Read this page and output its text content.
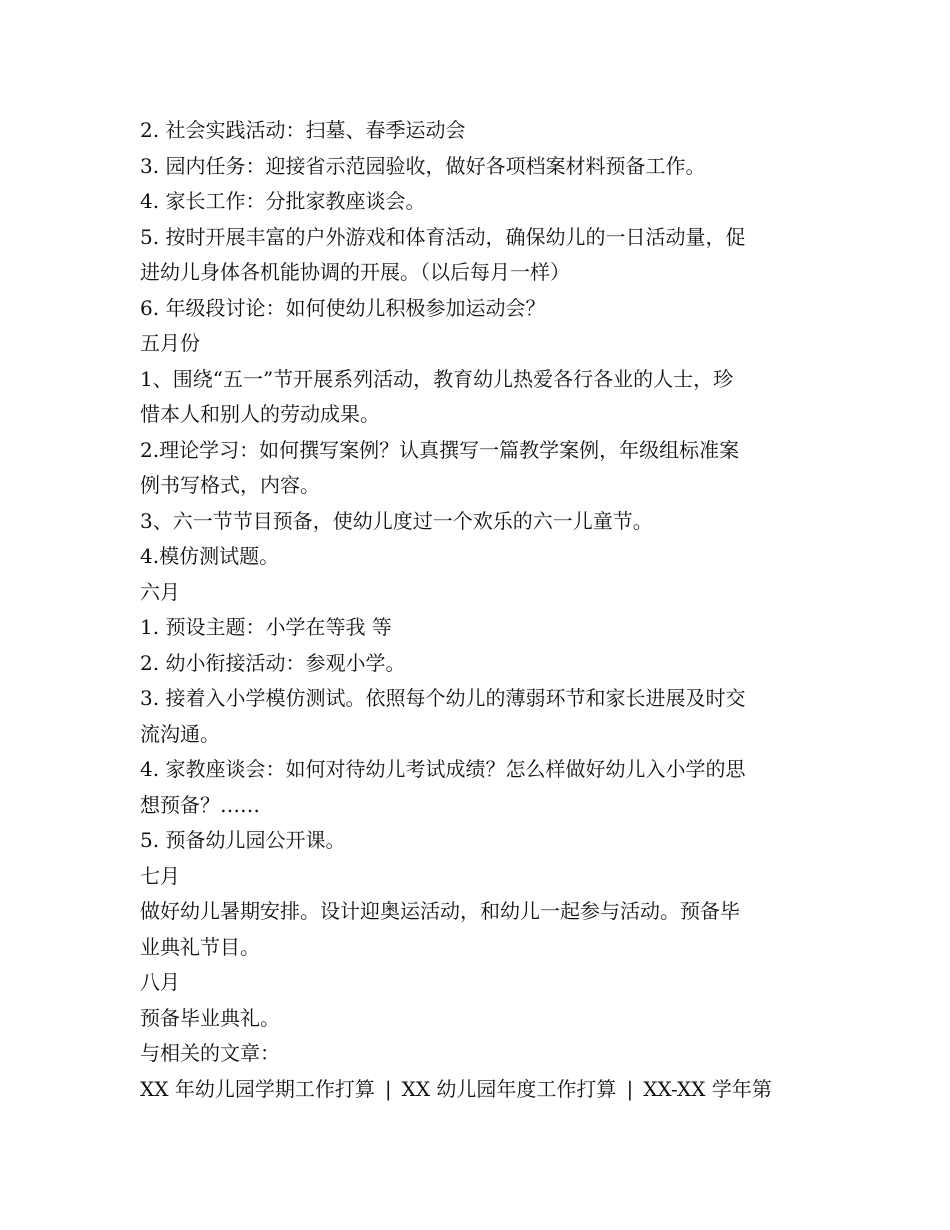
2. 社会实践活动：扫墓、春季运动会
3. 园内任务：迎接省示范园验收，做好各项档案材料预备工作。
4. 家长工作：分批家教座谈会。
5. 按时开展丰富的户外游戏和体育活动，确保幼儿的一日活动量，促
进幼儿身体各机能协调的开展。（以后每月一样）
6. 年级段讨论：如何使幼儿积极参加运动会？
五月份
1、围绕“五一”节开展系列活动，教育幼儿热爱各行各业的人士，珍
惜本人和别人的劳动成果。
2.理论学习：如何撰写案例？认真撰写一篇教学案例，年级组标准案
例书写格式，内容。
3、六一节节目预备，使幼儿度过一个欢乐的六一儿童节。
4.模仿测试题。
六月
1. 预设主题：小学在等我 等
2. 幼小衔接活动：参观小学。
3. 接着入小学模仿测试。依照每个幼儿的薄弱环节和家长进展及时交
流沟通。
4. 家教座谈会：如何对待幼儿考试成绩？怎么样做好幼儿入小学的思
想预备？……
5. 预备幼儿园公开课。
七月
做好幼儿暑期安排。设计迎奥运活动，和幼儿一起参与活动。预备毕
业典礼节目。
八月
预备毕业典礼。
与相关的文章：
XX 年幼儿园学期工作打算 | XX 幼儿园年度工作打算 | XX-XX 学年第
